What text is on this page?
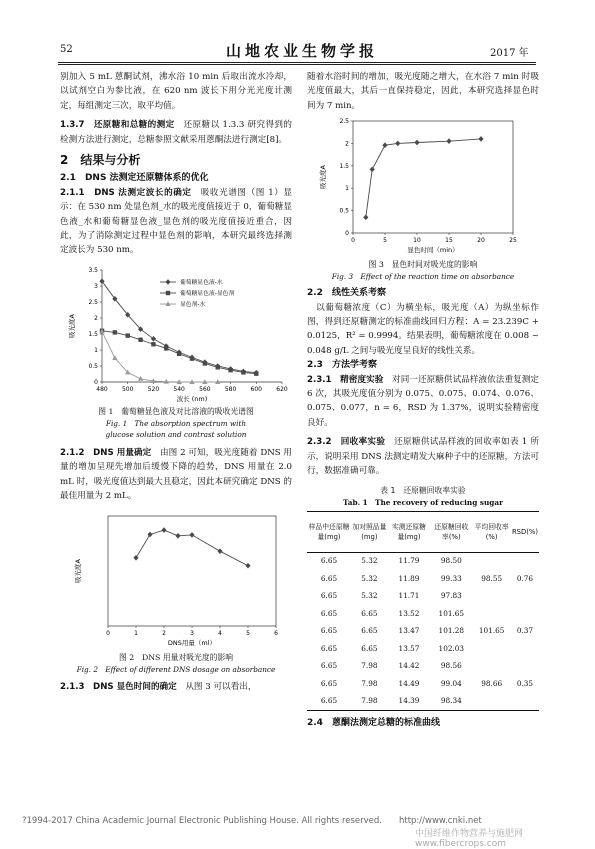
52	山地农业生物学报	2017 年

别加入 5 mL 蒽酮试剂，沸水浴 10 min 后取出流水冷却，以试剂空白为参比液，在 620 nm 波长下用分光光度计测定，每组测定三次，取平均值。

1.3.7　还原糖和总糖的测定　还原糖以 1.3.3 研究得到的检测方法进行测定，总糖参照文献采用蒽酮法进行测定[8]。

2　结果与分析

2.1　DNS 法测定还原糖体系的优化

2.1.1　DNS 法测定波长的确定　吸收光谱图（图 1）显示：在 530 nm 处显色剂_水的吸光度值接近于 0，葡萄糖显色液_水和葡萄糖显色液_显色剂的吸光度值接近重合，因此，为了消除测定过程中显色剂的影响，本研究最终选择测定波长为 530 nm。

480 500 520 540 560 580 600 620
0
0.5
1
1.5
2
2.5
3
3.5
波长 (nm)
吸光度A
葡萄糖显色液-水
葡萄糖显色液-显色剂
显色剂-水
图 1　葡萄糖显色液及对比溶液的吸收光谱图
Fig. 1　The absorption spectrum with
glucose solution and contrast solution

2.1.2　DNS 用量确定　由图 2 可知，吸光度随着 DNS 用量的增加呈现先增加后缓慢下降的趋势，DNS 用量在 2.0 mL 时，吸光度值达到最大且稳定，因此本研究确定 DNS 的最佳用量为 2 mL。

0	1	2	3	4	5	6
DNS用量（ml）
吸光度A
图 2　DNS 用量对吸光度的影响
Fig. 2　Effect of different DNS dosage on absorbance

2.1.3　DNS 显色时间的确定　从图 3 可以看出，

随着水浴时间的增加，吸光度随之增大，在水浴 7 min 时吸光度值最大，其后一直保持稳定，因此，本研究选择显色时间为 7 min。

0	5	10	15	20	25
0
0.5
1
1.5
2
2.5
显色时间（min）
吸光度A
图 3　显色时间对吸光度的影响
Fig. 3　Effect of the reaction time on absorbance

2.2　线性关系考察

　以葡萄糖浓度（C）为横坐标，吸光度（A）为纵坐标作图，得到还原糖测定的标准曲线回归方程：A = 23.239C + 0.0125，R² = 0.9994。结果表明，葡萄糖浓度在 0.008 ~ 0.048 g/L 之间与吸光度呈良好的线性关系。

2.3　方法学考察

2.3.1　精密度实验　对同一还原糖供试品样液依法重复测定 6 次，其吸光度值分别为 0.075、0.075、0.074、0.076、0.075、0.077，n = 6，RSD 为 1.37%，说明实验精密度良好。

2.3.2　回收率实验　还原糖供试品样液的回收率如表 1 所示，说明采用 DNS 法测定晴发大麻种子中的还原糖，方法可行，数据准确可靠。

表 1　还原糖回收率实验
Tab. 1　The recovery of reducing sugar
样品中还原糖量(mg)	加对照品量(mg)	实测还原糖量(mg)	还原糖回收率(%)	平均回收率(%)	RSD(%)
6.65	5.32	11.79	98.50		
6.65	5.32	11.89	99.33	98.55	0.76
6.65	5.32	11.71	97.83		
6.65	6.65	13.52	101.65		
6.65	6.65	13.47	101.28	101.65	0.37
6.65	6.65	13.57	102.03		
6.65	7.98	14.42	98.56		
6.65	7.98	14.49	99.04	98.66	0.35
6.65	7.98	14.39	98.34		

2.4　蒽酮法测定总糖的标准曲线

?1994-2017 China Academic Journal Electronic Publishing House. All rights reserved.　　http://www.cnki.net
中国纤维作物营养与施肥网 www.fibercrops.com
